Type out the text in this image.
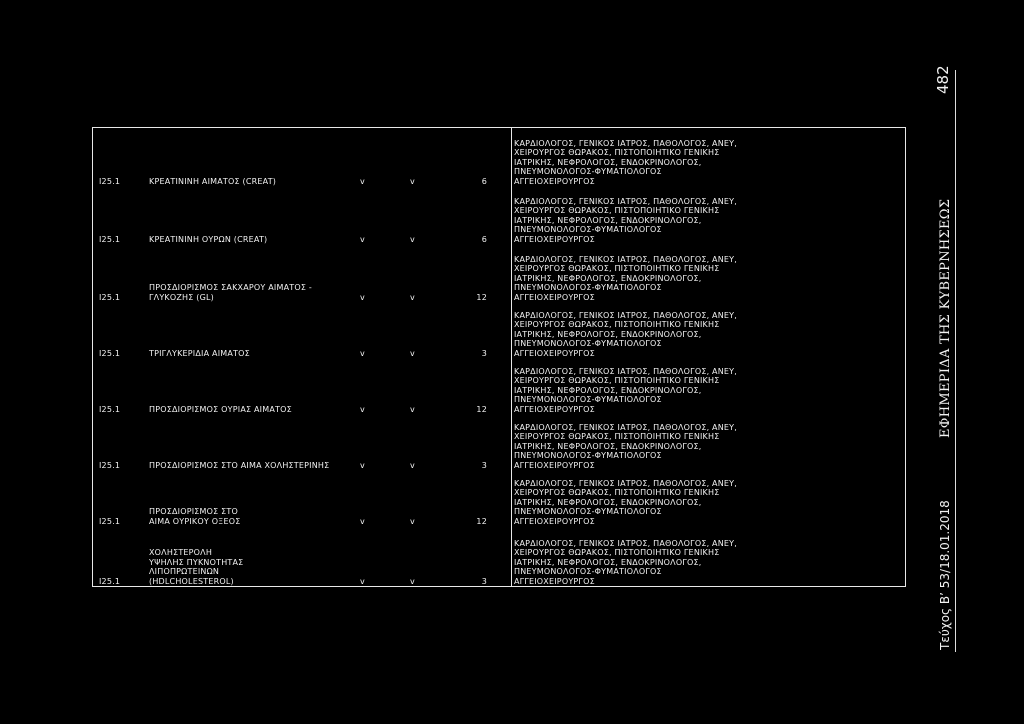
I25.1	ΚΡΕΑΤΙΝΙΝΗ ΑΙΜΑΤΟΣ (CREAT)	v	v	6
ΚΑΡΔΙΟΛΟΓΟΣ, ΓΕΝΙΚΟΣ ΙΑΤΡΟΣ, ΠΑΘΟΛΟΓΟΣ, ΑΝΕΥ,
ΧΕΙΡΟΥΡΓΟΣ ΘΩΡΑΚΟΣ, ΠΙΣΤΟΠΟΙΗΤΙΚΟ ΓΕΝΙΚΗΣ
ΙΑΤΡΙΚΗΣ, ΝΕΦΡΟΛΟΓΟΣ, ΕΝΔΟΚΡΙΝΟΛΟΓΟΣ,
ΠΝΕΥΜΟΝΟΛΟΓΟΣ-ΦΥΜΑΤΙΟΛΟΓΟΣ
ΑΓΓΕΙΟΧΕΙΡΟΥΡΓΟΣ
I25.1	ΚΡΕΑΤΙΝΙΝΗ ΟΥΡΩΝ (CREAT)	v	v	6
ΚΑΡΔΙΟΛΟΓΟΣ, ΓΕΝΙΚΟΣ ΙΑΤΡΟΣ, ΠΑΘΟΛΟΓΟΣ, ΑΝΕΥ,
ΧΕΙΡΟΥΡΓΟΣ ΘΩΡΑΚΟΣ, ΠΙΣΤΟΠΟΙΗΤΙΚΟ ΓΕΝΙΚΗΣ
ΙΑΤΡΙΚΗΣ, ΝΕΦΡΟΛΟΓΟΣ, ΕΝΔΟΚΡΙΝΟΛΟΓΟΣ,
ΠΝΕΥΜΟΝΟΛΟΓΟΣ-ΦΥΜΑΤΙΟΛΟΓΟΣ
ΑΓΓΕΙΟΧΕΙΡΟΥΡΓΟΣ
I25.1
ΠΡΟΣΔΙΟΡΙΣΜΟΣ ΣΑΚΧΑΡΟΥ ΑΙΜΑΤΟΣ -
ΓΛΥΚΟΖΗΣ (GL)	v	v	12
ΚΑΡΔΙΟΛΟΓΟΣ, ΓΕΝΙΚΟΣ ΙΑΤΡΟΣ, ΠΑΘΟΛΟΓΟΣ, ΑΝΕΥ,
ΧΕΙΡΟΥΡΓΟΣ ΘΩΡΑΚΟΣ, ΠΙΣΤΟΠΟΙΗΤΙΚΟ ΓΕΝΙΚΗΣ
ΙΑΤΡΙΚΗΣ, ΝΕΦΡΟΛΟΓΟΣ, ΕΝΔΟΚΡΙΝΟΛΟΓΟΣ,
ΠΝΕΥΜΟΝΟΛΟΓΟΣ-ΦΥΜΑΤΙΟΛΟΓΟΣ
ΑΓΓΕΙΟΧΕΙΡΟΥΡΓΟΣ
I25.1	ΤΡΙΓΛΥΚΕΡΙΔΙΑ ΑΙΜΑΤΟΣ	v	v	3
ΚΑΡΔΙΟΛΟΓΟΣ, ΓΕΝΙΚΟΣ ΙΑΤΡΟΣ, ΠΑΘΟΛΟΓΟΣ, ΑΝΕΥ,
ΧΕΙΡΟΥΡΓΟΣ ΘΩΡΑΚΟΣ, ΠΙΣΤΟΠΟΙΗΤΙΚΟ ΓΕΝΙΚΗΣ
ΙΑΤΡΙΚΗΣ, ΝΕΦΡΟΛΟΓΟΣ, ΕΝΔΟΚΡΙΝΟΛΟΓΟΣ,
ΠΝΕΥΜΟΝΟΛΟΓΟΣ-ΦΥΜΑΤΙΟΛΟΓΟΣ
ΑΓΓΕΙΟΧΕΙΡΟΥΡΓΟΣ
I25.1	ΠΡΟΣΔΙΟΡΙΣΜΟΣ ΟΥΡΙΑΣ ΑΙΜΑΤΟΣ	v	v	12
ΚΑΡΔΙΟΛΟΓΟΣ, ΓΕΝΙΚΟΣ ΙΑΤΡΟΣ, ΠΑΘΟΛΟΓΟΣ, ΑΝΕΥ,
ΧΕΙΡΟΥΡΓΟΣ ΘΩΡΑΚΟΣ, ΠΙΣΤΟΠΟΙΗΤΙΚΟ ΓΕΝΙΚΗΣ
ΙΑΤΡΙΚΗΣ, ΝΕΦΡΟΛΟΓΟΣ, ΕΝΔΟΚΡΙΝΟΛΟΓΟΣ,
ΠΝΕΥΜΟΝΟΛΟΓΟΣ-ΦΥΜΑΤΙΟΛΟΓΟΣ
ΑΓΓΕΙΟΧΕΙΡΟΥΡΓΟΣ
I25.1	ΠΡΟΣΔΙΟΡΙΣΜΟΣ ΣΤΟ ΑΙΜΑ ΧΟΛΗΣΤΕΡΙΝΗΣ	v	v	3
ΚΑΡΔΙΟΛΟΓΟΣ, ΓΕΝΙΚΟΣ ΙΑΤΡΟΣ, ΠΑΘΟΛΟΓΟΣ, ΑΝΕΥ,
ΧΕΙΡΟΥΡΓΟΣ ΘΩΡΑΚΟΣ, ΠΙΣΤΟΠΟΙΗΤΙΚΟ ΓΕΝΙΚΗΣ
ΙΑΤΡΙΚΗΣ, ΝΕΦΡΟΛΟΓΟΣ, ΕΝΔΟΚΡΙΝΟΛΟΓΟΣ,
ΠΝΕΥΜΟΝΟΛΟΓΟΣ-ΦΥΜΑΤΙΟΛΟΓΟΣ
ΑΓΓΕΙΟΧΕΙΡΟΥΡΓΟΣ
I25.1
ΠΡΟΣΔΙΟΡΙΣΜΟΣ ΣΤΟ
ΑΙΜΑ ΟΥΡΙΚΟΥ ΟΞΕΟΣ	v	v	12
ΚΑΡΔΙΟΛΟΓΟΣ, ΓΕΝΙΚΟΣ ΙΑΤΡΟΣ, ΠΑΘΟΛΟΓΟΣ, ΑΝΕΥ,
ΧΕΙΡΟΥΡΓΟΣ ΘΩΡΑΚΟΣ, ΠΙΣΤΟΠΟΙΗΤΙΚΟ ΓΕΝΙΚΗΣ
ΙΑΤΡΙΚΗΣ, ΝΕΦΡΟΛΟΓΟΣ, ΕΝΔΟΚΡΙΝΟΛΟΓΟΣ,
ΠΝΕΥΜΟΝΟΛΟΓΟΣ-ΦΥΜΑΤΙΟΛΟΓΟΣ
ΑΓΓΕΙΟΧΕΙΡΟΥΡΓΟΣ
I25.1
ΧΟΛΗΣΤΕΡΟΛΗ
ΥΨΗΛΗΣ ΠΥΚΝΟΤΗΤΑΣ
ΛΙΠΟΠΡΩΤΕΙΝΩΝ
(HDLCHOLESTEROL)	v	v	3
ΚΑΡΔΙΟΛΟΓΟΣ, ΓΕΝΙΚΟΣ ΙΑΤΡΟΣ, ΠΑΘΟΛΟΓΟΣ, ΑΝΕΥ,
ΧΕΙΡΟΥΡΓΟΣ ΘΩΡΑΚΟΣ, ΠΙΣΤΟΠΟΙΗΤΙΚΟ ΓΕΝΙΚΗΣ
ΙΑΤΡΙΚΗΣ, ΝΕΦΡΟΛΟΓΟΣ, ΕΝΔΟΚΡΙΝΟΛΟΓΟΣ,
ΠΝΕΥΜΟΝΟΛΟΓΟΣ-ΦΥΜΑΤΙΟΛΟΓΟΣ
ΑΓΓΕΙΟΧΕΙΡΟΥΡΓΟΣ
482
ΕΦΗΜΕΡΙΔΑ ΤΗΣ ΚΥΒΕΡΝΗΣΕΩΣ
Τεύχος Β’ 53/18.01.2018
